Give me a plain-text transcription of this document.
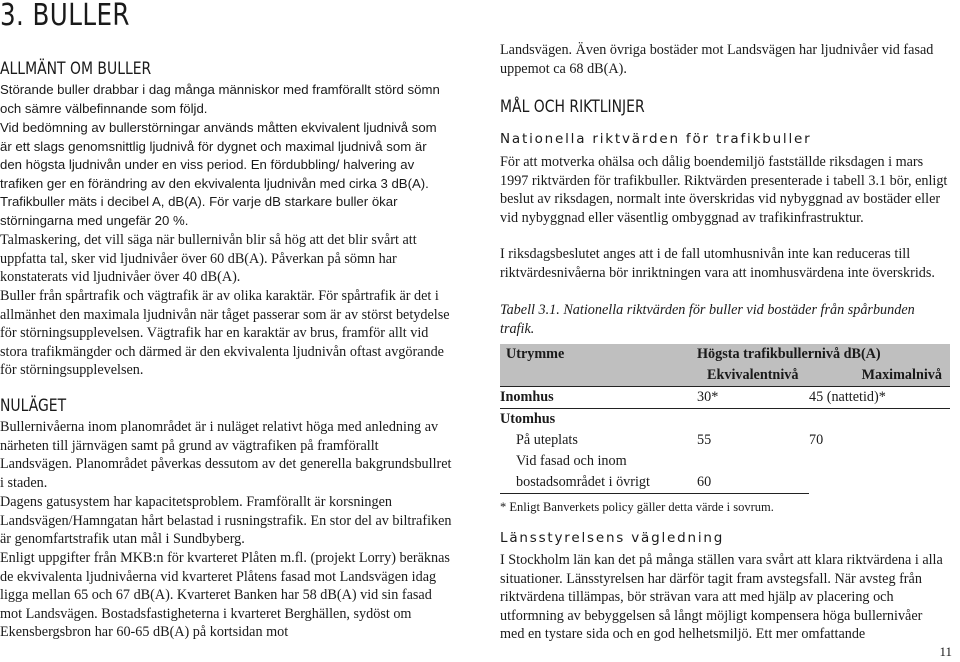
3. BULLER
ALLMÄNT OM BULLER

Störande buller drabbar i dag många människor med framförallt störd sömn och sämre välbefinnande som följd.

Vid bedömning av bullerstörningar används måtten ekvivalent ljudnivå som är ett slags genomsnittlig ljudnivå för dygnet och maximal ljudnivå som är den högsta ljudnivån under en viss period. En fördubbling/ halvering av trafiken ger en förändring av den ekvivalenta ljudnivån med cirka 3 dB(A). Trafikbuller mäts i decibel A, dB(A). För varje dB starkare buller ökar störningarna med ungefär 20 %.

Talmaskering, det vill säga när bullernivån blir så hög att det blir svårt att uppfatta tal, sker vid ljudnivåer över 60 dB(A). Påverkan på sömn har konstaterats vid ljudnivåer över 40 dB(A).

Buller från spårtrafik och vägtrafik är av olika karaktär. För spårtrafik är det i allmänhet den maximala ljudnivån när tåget passerar som är av störst betydelse för störningsupplevelsen. Vägtrafik har en karaktär av brus, framför allt vid stora trafikmängder och därmed är den ekvivalenta ljudnivån oftast avgörande för störningsupplevelsen.

NULÄGET

Bullernivåerna inom planområdet är i nuläget relativt höga med anledning av närheten till järnvägen samt på grund av vägtrafiken på framförallt Landsvägen. Planområdet påverkas dessutom av det generella bakgrundsbullret i staden.

Dagens gatusystem har kapacitetsproblem. Framförallt är korsningen Landsvägen/Hamngatan hårt belastad i rusningstrafik. En stor del av biltrafiken är genomfartstrafik utan mål i Sundbyberg.

Enligt uppgifter från MKB:n för kvarteret Plåten m.fl. (projekt Lorry) beräknas de ekvivalenta ljudnivåerna vid kvarteret Plåtens fasad mot Landsvägen idag ligga mellan 65 och 67 dB(A). Kvarteret Banken har 58 dB(A) vid sin fasad mot Landsvägen. Bostadsfastigheterna i kvarteret Berghällen, sydöst om Ekensbergsbron har 60-65 dB(A) på kortsidan mot

Landsvägen. Även övriga bostäder mot Landsvägen har ljudnivåer vid fasad uppemot ca 68 dB(A).

MÅL OCH RIKTLINJER
Nationella riktvärden för trafikbuller

För att motverka ohälsa och dålig boendemiljö fastställde riksdagen i mars 1997 riktvärden för trafikbuller. Riktvärden presenterade i tabell 3.1 bör, enligt beslut av riksdagen, normalt inte överskridas vid nybyggnad av bostäder eller vid nybyggnad eller väsentlig ombyggnad av trafikinfrastruktur.

I riksdagsbeslutet anges att i de fall utomhusnivån inte kan reduceras till riktvärdesnivåerna bör inriktningen vara att inomhusvärdena inte överskrids.

Tabell 3.1. Nationella riktvärden för buller vid bostäder från spårbunden trafik.

Utrymme	Högsta trafikbullernivå dB(A)	
	Ekvivalentnivå	Maximalnivå
Inomhus	30*	45 (nattetid)*
Utomhus		
På uteplats	55	70
Vid fasad och inom		
bostadsområdet i övrigt	60	

* Enligt Banverkets policy gäller detta värde i sovrum.

Länsstyrelsens vägledning

I Stockholm län kan det på många ställen vara svårt att klara riktvärdena i alla situationer. Länsstyrelsen har därför tagit fram avstegsfall. När avsteg från riktvärdena tillämpas, bör strävan vara att med hjälp av placering och utformning av bebyggelsen så långt möjligt kompensera höga bullernivåer med en tystare sida och en god helhetsmiljö. Ett mer omfattande

11
